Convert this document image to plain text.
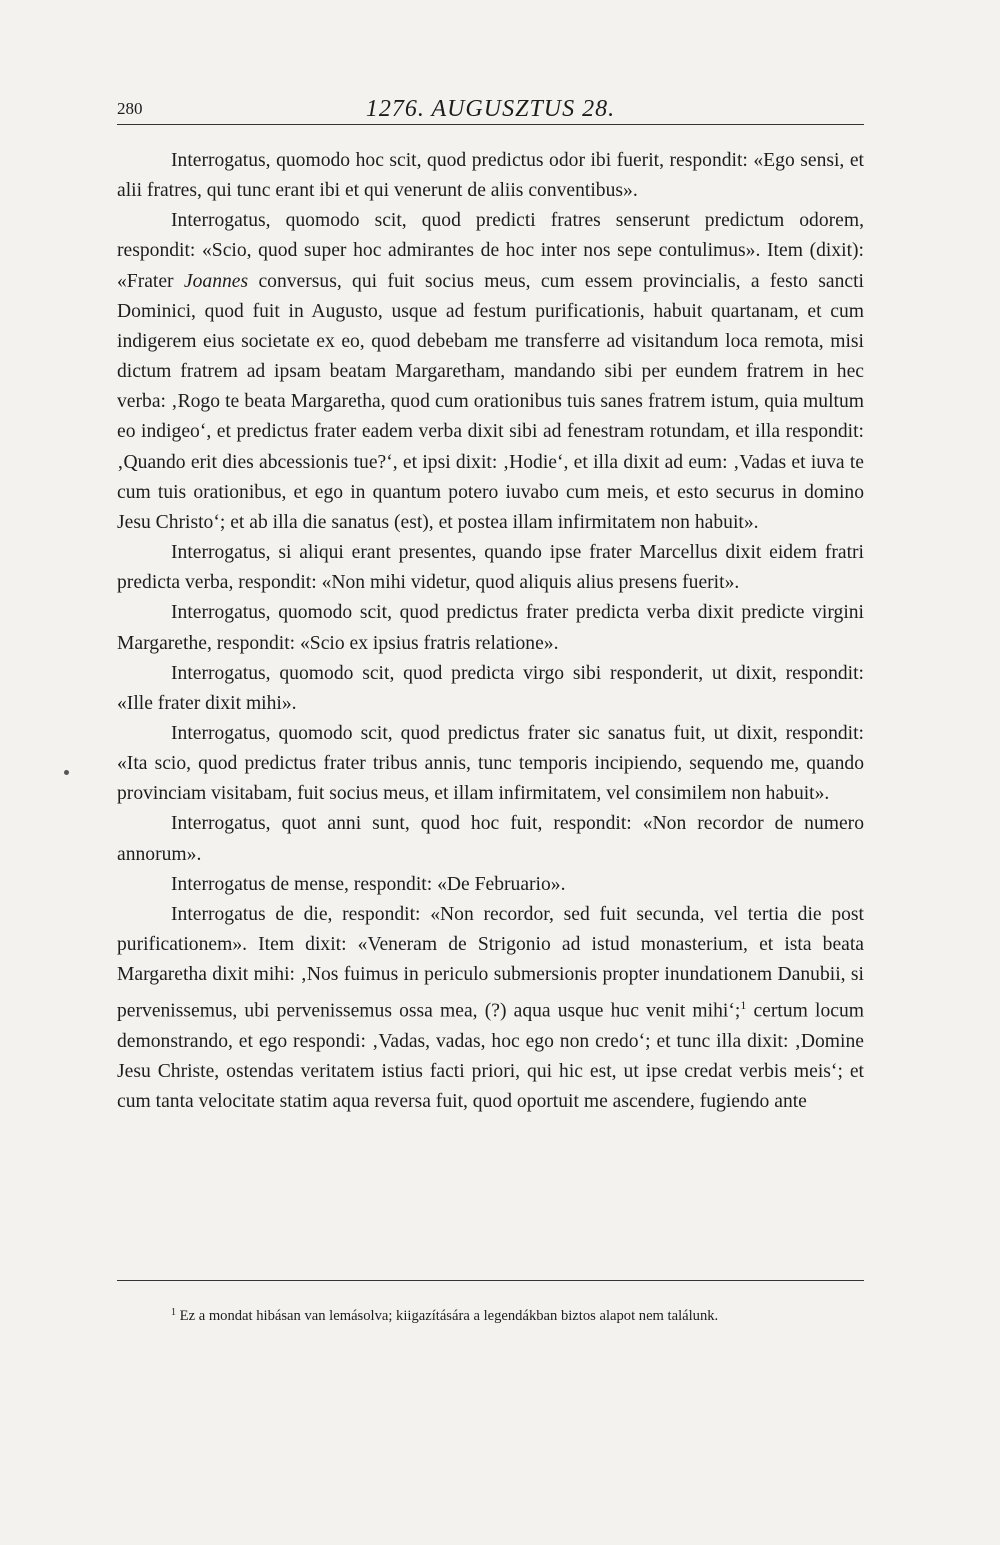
280	1276. AUGUSZTUS 28.

Interrogatus, quomodo hoc scit, quod predictus odor ibi fuerit, respondit: «Ego sensi, et alii fratres, qui tunc erant ibi et qui venerunt de aliis conventibus».

Interrogatus, quomodo scit, quod predicti fratres senserunt predictum odorem, respondit: «Scio, quod super hoc admirantes de hoc inter nos sepe contulimus». Item (dixit): «Frater Joannes conversus, qui fuit socius meus, cum essem provincialis, a festo sancti Dominici, quod fuit in Augusto, usque ad festum purificationis, habuit quartanam, et cum indigerem eius societate ex eo, quod debebam me transferre ad visitandum loca remota, misi dictum fratrem ad ipsam beatam Margaretham, mandando sibi per eundem fratrem in hec verba: ‚Rogo te beata Margaretha, quod cum orationibus tuis sanes fratrem istum, quia multum eo indigeo‘, et predictus frater eadem verba dixit sibi ad fenestram rotundam, et illa respondit: ‚Quando erit dies abcessionis tue?‘, et ipsi dixit: ‚Hodie‘, et illa dixit ad eum: ‚Vadas et iuva te cum tuis orationibus, et ego in quantum potero iuvabo cum meis, et esto securus in domino Jesu Christo‘; et ab illa die sanatus (est), et postea illam infirmitatem non habuit».

Interrogatus, si aliqui erant presentes, quando ipse frater Marcellus dixit eidem fratri predicta verba, respondit: «Non mihi videtur, quod aliquis alius presens fuerit».

Interrogatus, quomodo scit, quod predictus frater predicta verba dixit predicte virgini Margarethe, respondit: «Scio ex ipsius fratris relatione».

Interrogatus, quomodo scit, quod predicta virgo sibi responderit, ut dixit, respondit: «Ille frater dixit mihi».

Interrogatus, quomodo scit, quod predictus frater sic sanatus fuit, ut dixit, respondit: «Ita scio, quod predictus frater tribus annis, tunc temporis incipiendo, sequendo me, quando provinciam visitabam, fuit socius meus, et illam infirmitatem, vel consimilem non habuit».

Interrogatus, quot anni sunt, quod hoc fuit, respondit: «Non recordor de numero annorum».

Interrogatus de mense, respondit: «De Februario».

Interrogatus de die, respondit: «Non recordor, sed fuit secunda, vel tertia die post purificationem». Item dixit: «Veneram de Strigonio ad istud monasterium, et ista beata Margaretha dixit mihi: ‚Nos fuimus in periculo submersionis propter inundationem Danubii, si pervenissemus, ubi pervenissemus ossa mea, (?) aqua usque huc venit mihi‘;$^1$ certum locum demonstrando, et ego respondi: ‚Vadas, vadas, hoc ego non credo‘; et tunc illa dixit: ‚Domine Jesu Christe, ostendas veritatem istius facti priori, qui hic est, ut ipse credat verbis meis‘; et cum tanta velocitate statim aqua reversa fuit, quod oportuit me ascendere, fugiendo ante

$^1$ Ez a mondat hibásan van lemásolva; kiigazítására a legendákban biztos alapot nem találunk.
